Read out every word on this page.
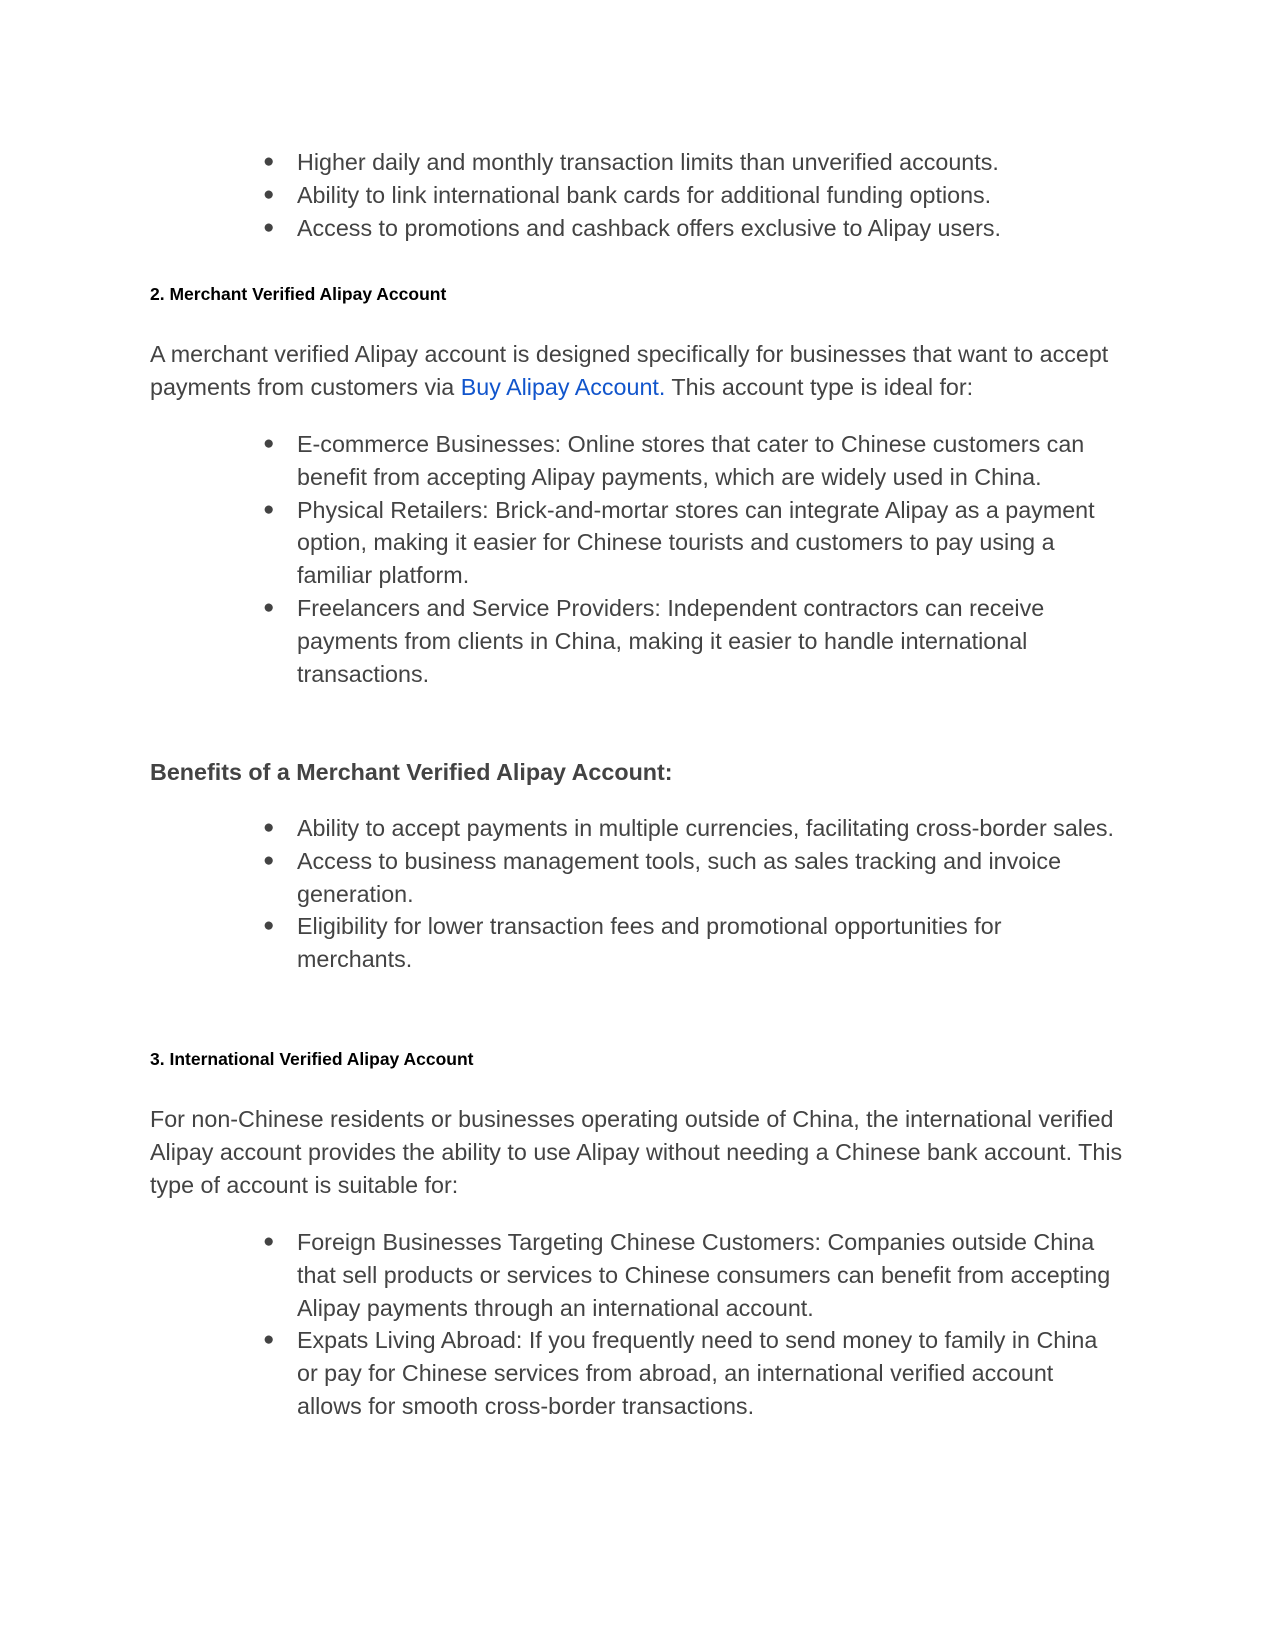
● Higher daily and monthly transaction limits than unverified accounts.
● Ability to link international bank cards for additional funding options.
● Access to promotions and cashback offers exclusive to Alipay users.
2. Merchant Verified Alipay Account

A merchant verified Alipay account is designed specifically for businesses that want to accept payments from customers via Buy Alipay Account. This account type is ideal for:

● E-commerce Businesses: Online stores that cater to Chinese customers can benefit from accepting Alipay payments, which are widely used in China.
● Physical Retailers: Brick-and-mortar stores can integrate Alipay as a payment option, making it easier for Chinese tourists and customers to pay using a familiar platform.
● Freelancers and Service Providers: Independent contractors can receive payments from clients in China, making it easier to handle international transactions.
Benefits of a Merchant Verified Alipay Account:
● Ability to accept payments in multiple currencies, facilitating cross-border sales.
● Access to business management tools, such as sales tracking and invoice generation.
● Eligibility for lower transaction fees and promotional opportunities for merchants.
3. International Verified Alipay Account

For non-Chinese residents or businesses operating outside of China, the international verified Alipay account provides the ability to use Alipay without needing a Chinese bank account. This type of account is suitable for:

● Foreign Businesses Targeting Chinese Customers: Companies outside China that sell products or services to Chinese consumers can benefit from accepting Alipay payments through an international account.
● Expats Living Abroad: If you frequently need to send money to family in China or pay for Chinese services from abroad, an international verified account allows for smooth cross-border transactions.
